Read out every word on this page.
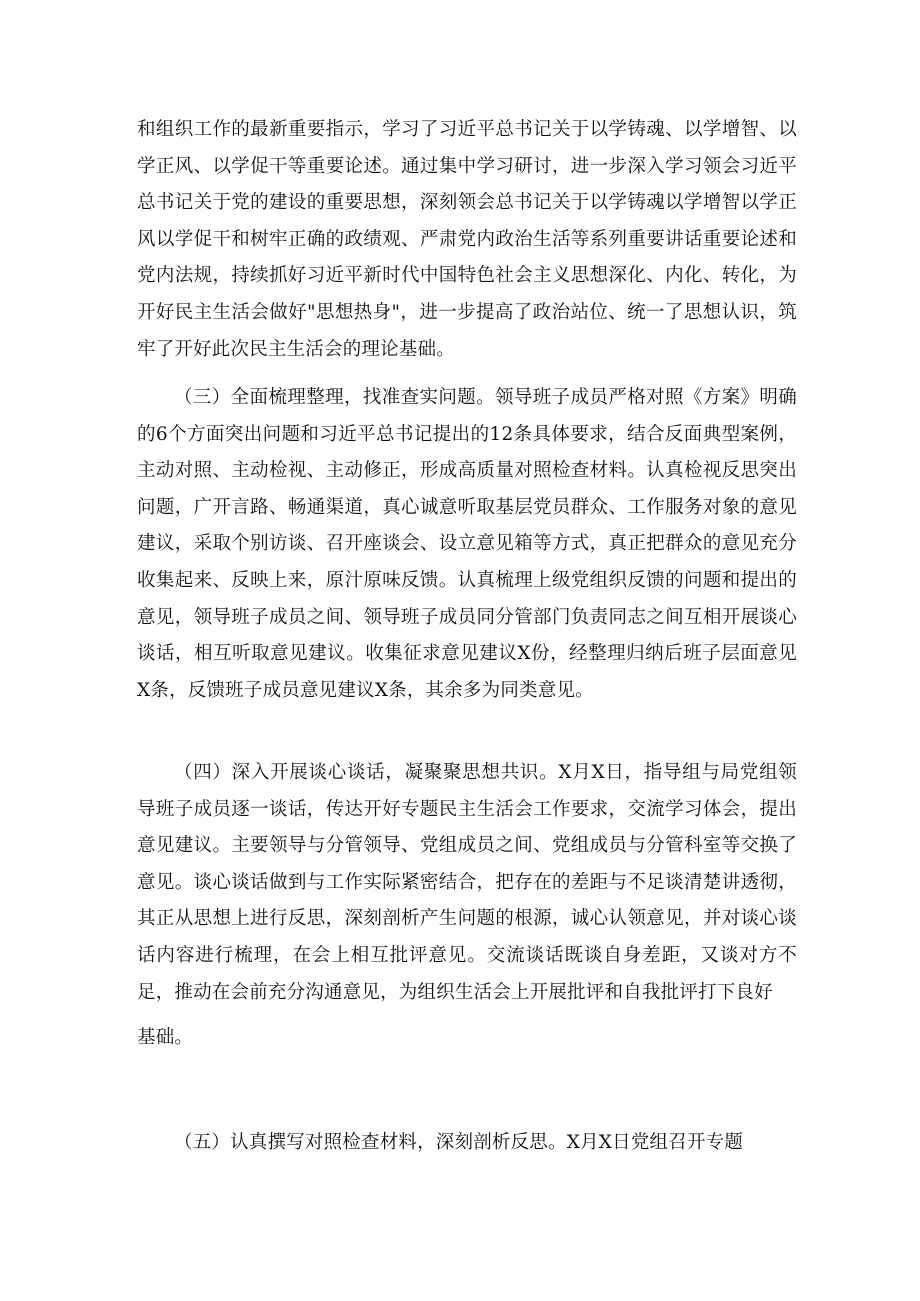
和组织工作的最新重要指示，学习了习近平总书记关于以学铸魂、以学增智、以学正风、以学促干等重要论述。通过集中学习研讨，进一步深入学习领会习近平总书记关于党的建设的重要思想，深刻领会总书记关于以学铸魂以学增智以学正风以学促干和树牢正确的政绩观、严肃党内政治生活等系列重要讲话重要论述和党内法规，持续抓好习近平新时代中国特色社会主义思想深化、内化、转化，为开好民主生活会做好"思想热身"，进一步提高了政治站位、统一了思想认识，筑牢了开好此次民主生活会的理论基础。

（三）全面梳理整理，找准查实问题。领导班子成员严格对照《方案》明确的6个方面突出问题和习近平总书记提出的12条具体要求，结合反面典型案例，主动对照、主动检视、主动修正，形成高质量对照检查材料。认真检视反思突出问题，广开言路、畅通渠道，真心诚意听取基层党员群众、工作服务对象的意见建议，采取个别访谈、召开座谈会、设立意见箱等方式，真正把群众的意见充分收集起来、反映上来，原汁原味反馈。认真梳理上级党组织反馈的问题和提出的意见，领导班子成员之间、领导班子成员同分管部门负责同志之间互相开展谈心谈话，相互听取意见建议。收集征求意见建议X份，经整理归纳后班子层面意见X条，反馈班子成员意见建议X条，其余多为同类意见。

（四）深入开展谈心谈话，凝聚聚思想共识。X月X日，指导组与局党组领导班子成员逐一谈话，传达开好专题民主生活会工作要求，交流学习体会，提出意见建议。主要领导与分管领导、党组成员之间、党组成员与分管科室等交换了意见。谈心谈话做到与工作实际紧密结合，把存在的差距与不足谈清楚讲透彻，其正从思想上进行反思，深刻剖析产生问题的根源，诚心认领意见，并对谈心谈话内容进行梳理，在会上相互批评意见。交流谈话既谈自身差距，又谈对方不足，推动在会前充分沟通意见，为组织生活会上开展批评和自我批评打下良好

基础。

（五）认真撰写对照检查材料，深刻剖析反思。X月X日党组召开专题
